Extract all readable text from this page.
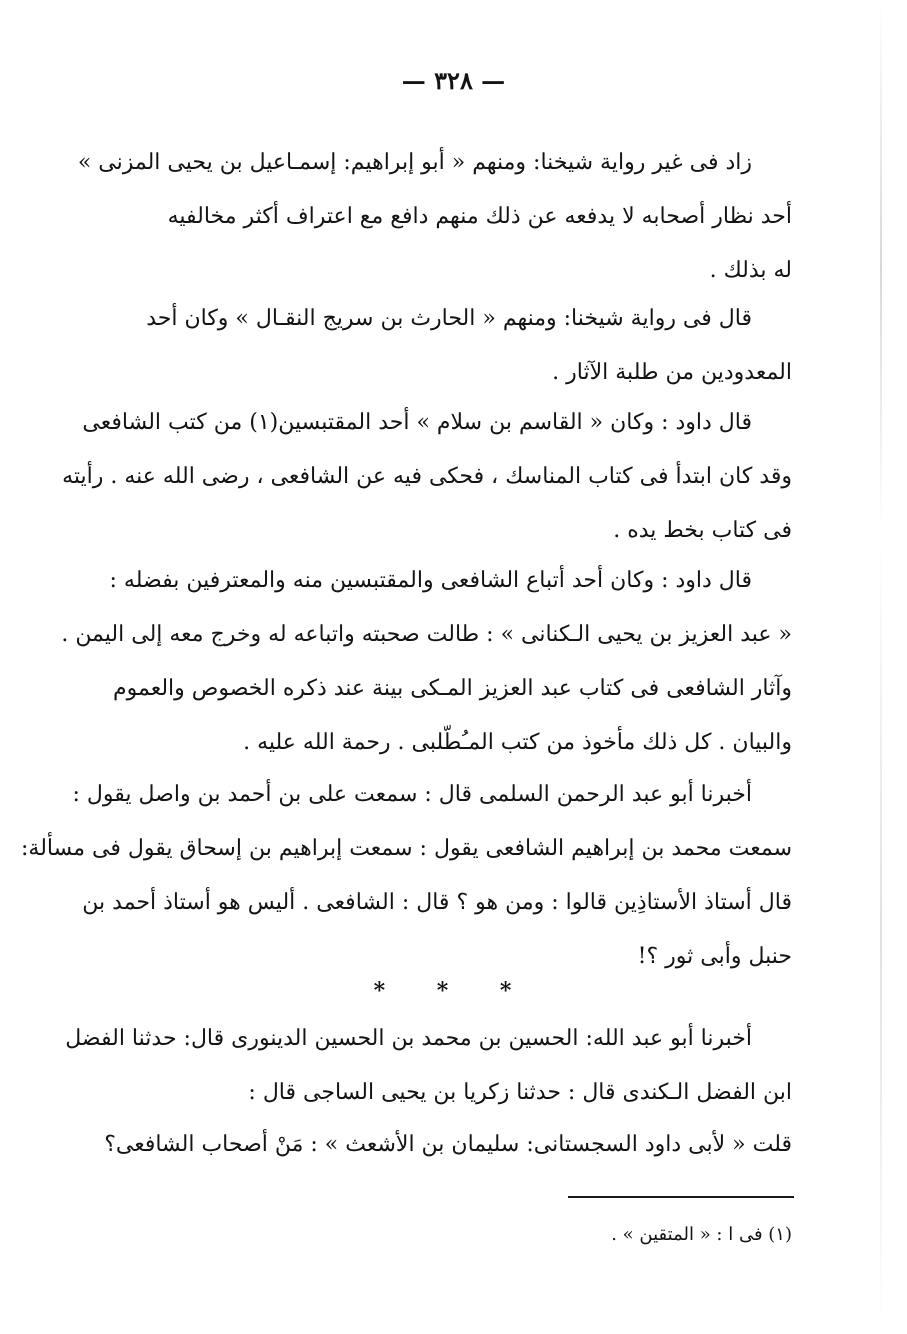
— ٣٢٨ —
زاد فى غير رواية شيخنا: ومنهم « أبو إبراهيم: إسمـاعيل بن يحيى المزنى »
أحد نظار أصحابه لا يدفعه عن ذلك منهم دافع مع اعتراف أكثر مخالفيه
له بذلك .
قال فى رواية شيخنا: ومنهم « الحارث بن سريج النقـال » وكان أحد
المعدودين من طلبة الآثار .
قال داود : وكان « القاسم بن سلام » أحد المقتبسين(١) من كتب الشافعى
وقد كان ابتدأ فى كتاب المناسك ، فحكى فيه عن الشافعى ، رضى الله عنه . رأيته
فى كتاب بخط يده .
قال داود : وكان أحد أتباع الشافعى والمقتبسين منه والمعترفين بفضله :
« عبد العزيز بن يحيى الـكنانى » : طالت صحبته واتباعه له وخرج معه إلى اليمن .
وآثار الشافعى فى كتاب عبد العزيز المـكى بينة عند ذكره الخصوص والعموم
والبيان . كل ذلك مأخوذ من كتب المـُطّلبى . رحمة الله عليه .
أخبرنا أبو عبد الرحمن السلمى قال : سمعت على بن أحمد بن واصل يقول :
سمعت محمد بن إبراهيم الشافعى يقول : سمعت إبراهيم بن إسحاق يقول فى مسألة:
قال أستاذ الأستاذِين قالوا : ومن هو ؟ قال : الشافعى . أليس هو أستاذ أحمد بن
حنبل وأبى ثور ؟!
* * *
أخبرنا أبو عبد الله: الحسين بن محمد بن الحسين الدينورى قال: حدثنا الفضل
ابن الفضل الـكندى قال : حدثنا زكريا بن يحيى الساجى قال :
قلت « لأبى داود السجستانى: سليمان بن الأشعث » : مَنْ أصحاب الشافعى؟
(١) فى ا : « المتقين » .
